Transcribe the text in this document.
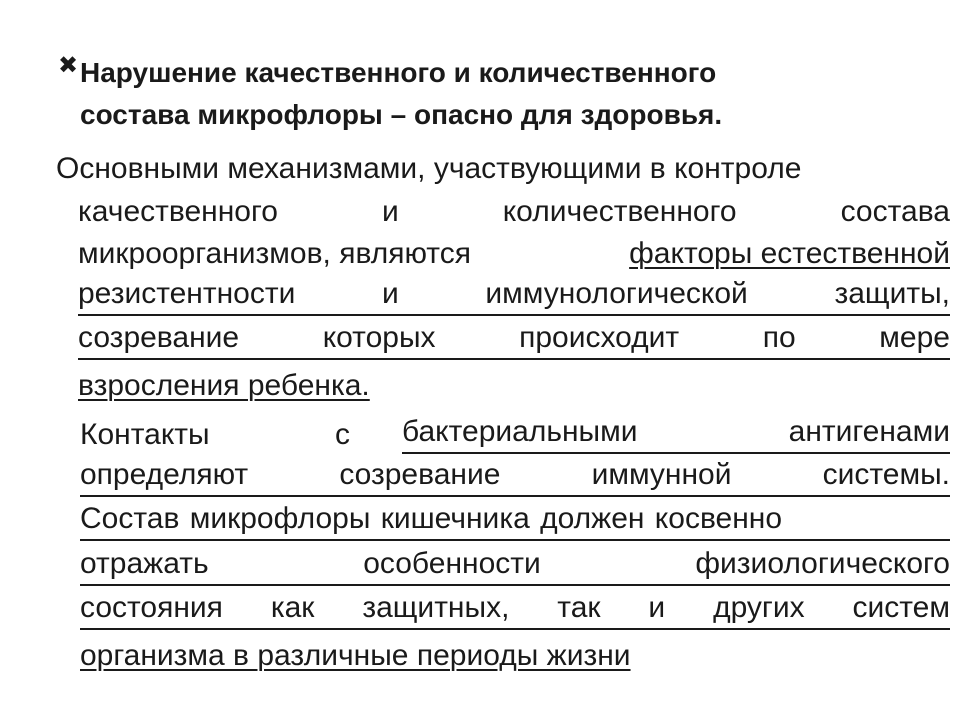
✖ Нарушение качественного и количественного
состава микрофлоры – опасно для здоровья.
Основными механизмами, участвующими в контроле
качественного	и	количественного	состава
микроорганизмов, являются	факторы естественной
резистентности	и	иммунологической	защиты,
созревание	которых	происходит	по	мере
взросления ребенка.
Контакты	с бактериальными	антигенами
определяют	созревание	иммунной	системы.
Состав микрофлоры кишечника должен косвенно
отражать	особенности	физиологического
состояния как защитных, так и других систем
организма в различные периоды жизни
